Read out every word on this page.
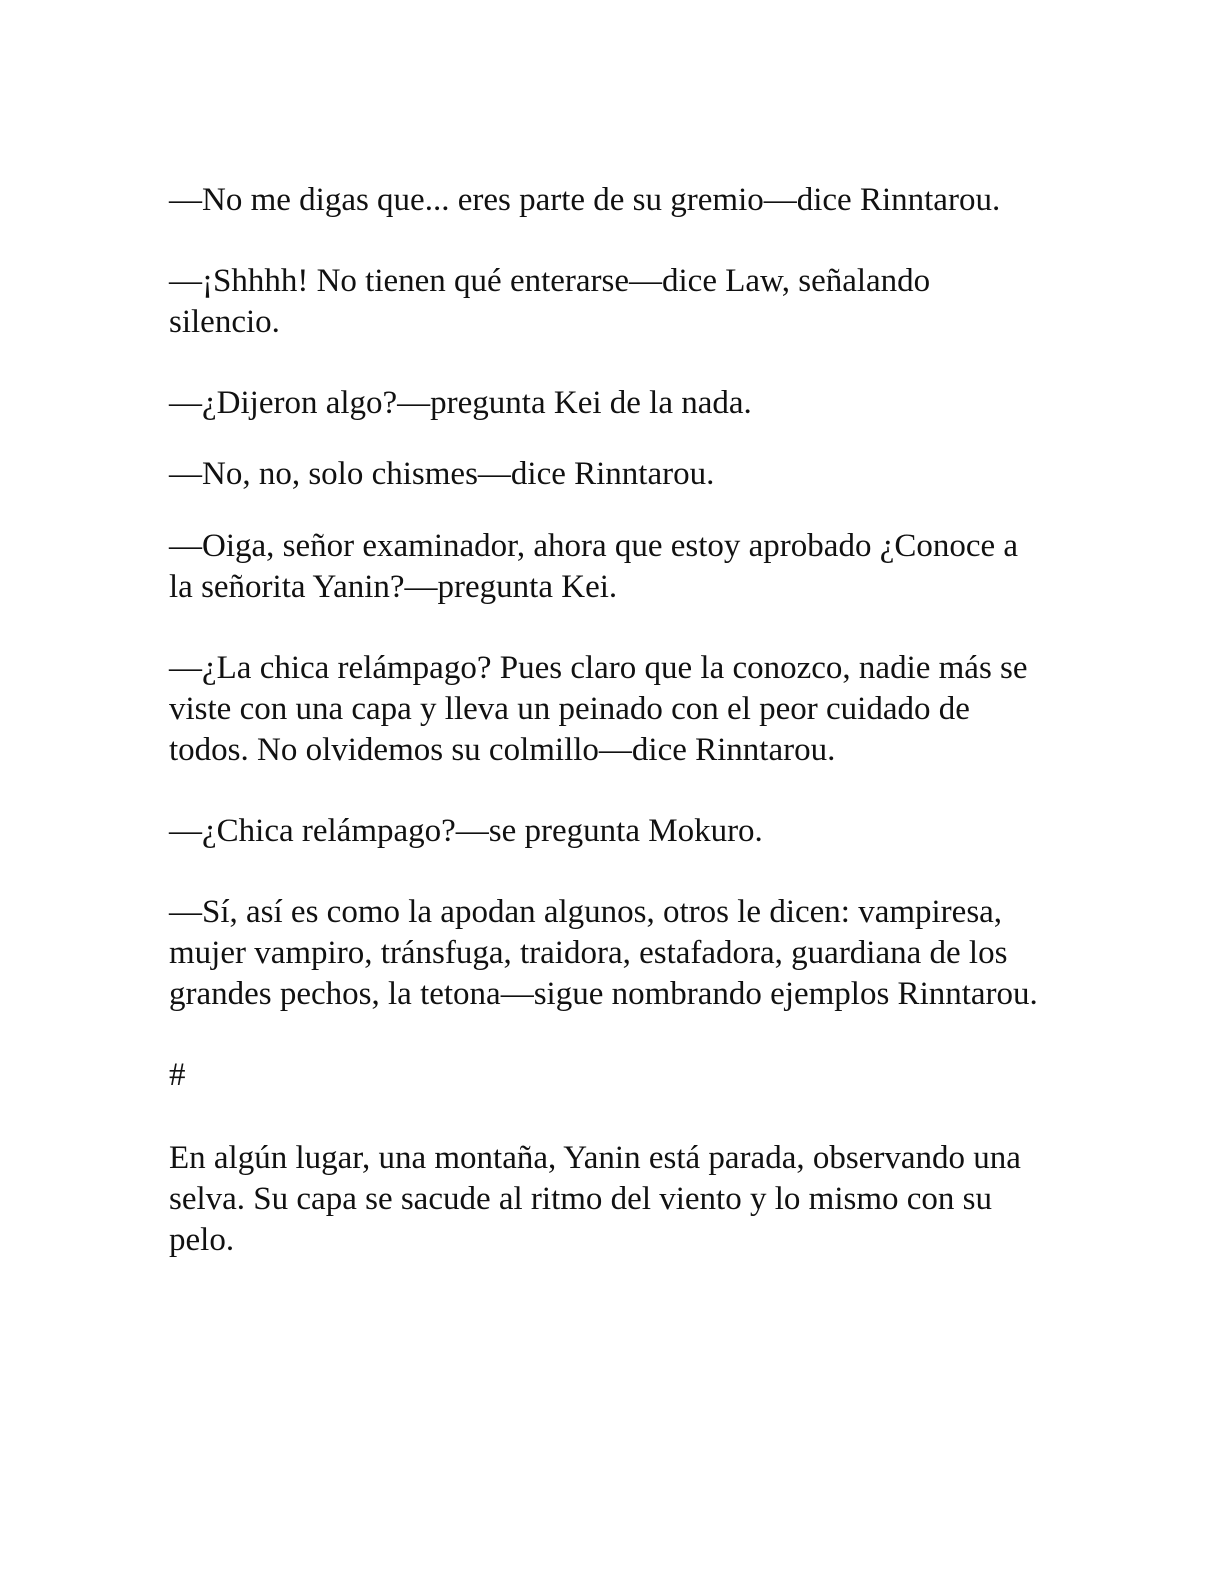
—No me digas que... eres parte de su gremio—dice Rinntarou.

—¡Shhhh! No tienen qué enterarse—dice Law, señalando silencio.

—¿Dijeron algo?—pregunta Kei de la nada.

—No, no, solo chismes—dice Rinntarou.

—Oiga, señor examinador, ahora que estoy aprobado ¿Conoce a la señorita Yanin?—pregunta Kei.

—¿La chica relámpago? Pues claro que la conozco, nadie más se viste con una capa y lleva un peinado con el peor cuidado de todos. No olvidemos su colmillo—dice Rinntarou.

—¿Chica relámpago?—se pregunta Mokuro.

—Sí, así es como la apodan algunos, otros le dicen: vampiresa, mujer vampiro, tránsfuga, traidora, estafadora, guardiana de los grandes pechos, la tetona—sigue nombrando ejemplos Rinntarou.

#

En algún lugar, una montaña, Yanin está parada, observando una selva. Su capa se sacude al ritmo del viento y lo mismo con su pelo.
